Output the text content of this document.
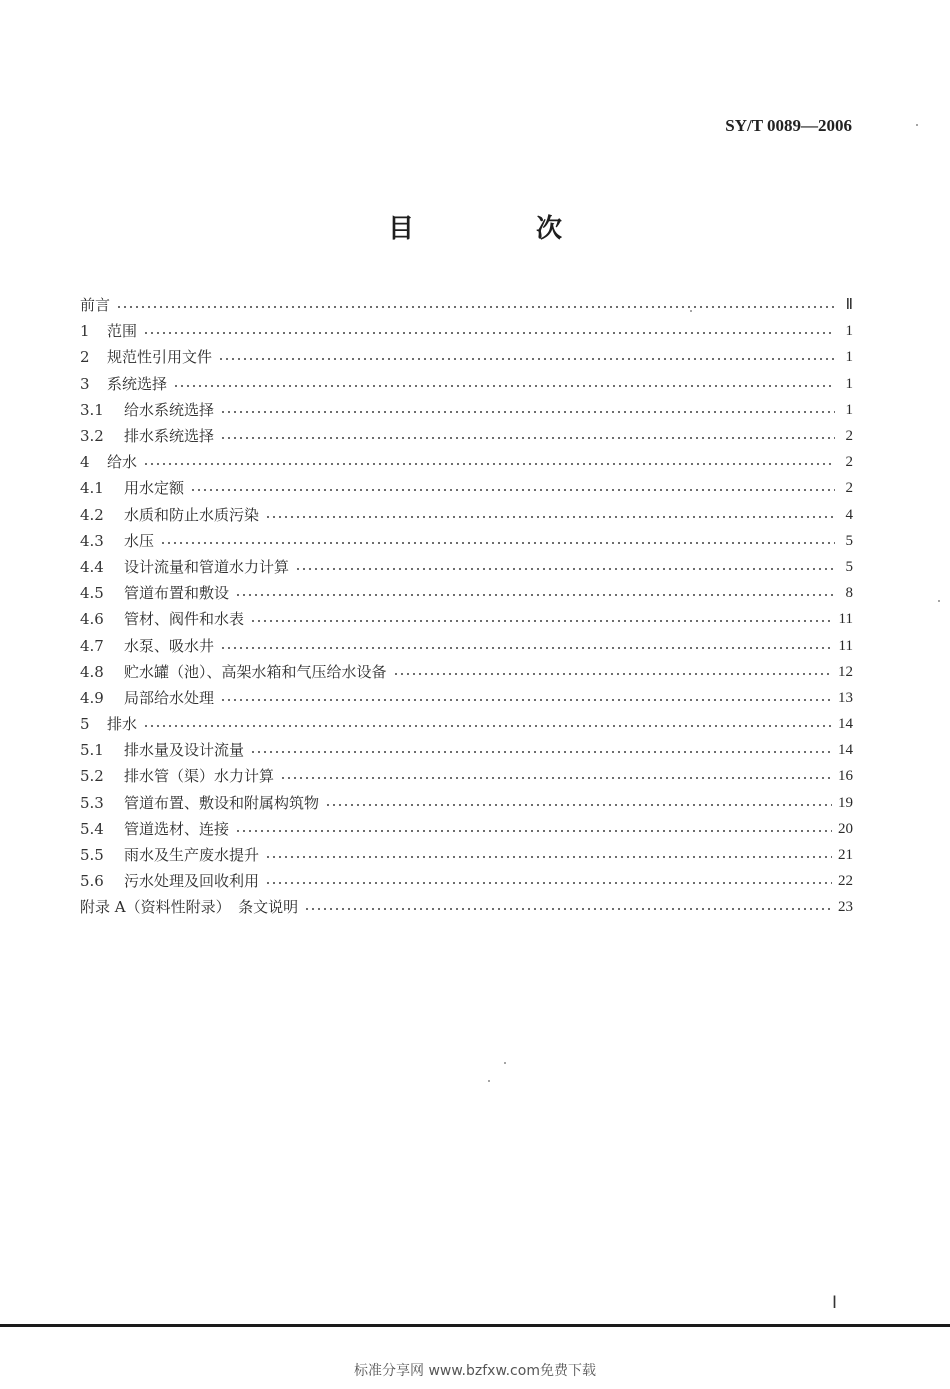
SY/T 0089—2006
目　次
前言	Ⅱ
1	范围	1
2	规范性引用文件	1
3	系统选择	1
3.1	给水系统选择	1
3.2	排水系统选择	2
4	给水	2
4.1	用水定额	2
4.2	水质和防止水质污染	4
4.3	水压	5
4.4	设计流量和管道水力计算	5
4.5	管道布置和敷设	8
4.6	管材、阀件和水表	11
4.7	水泵、吸水井	11
4.8	贮水罐（池）、高架水箱和气压给水设备	12
4.9	局部给水处理	13
5	排水	14
5.1	排水量及设计流量	14
5.2	排水管（渠）水力计算	16
5.3	管道布置、敷设和附属构筑物	19
5.4	管道选材、连接	20
5.5	雨水及生产废水提升	21
5.6	污水处理及回收利用	22
附录 A（资料性附录）　条文说明	23
Ⅰ
标准分享网 www.bzfxw.com免费下载
